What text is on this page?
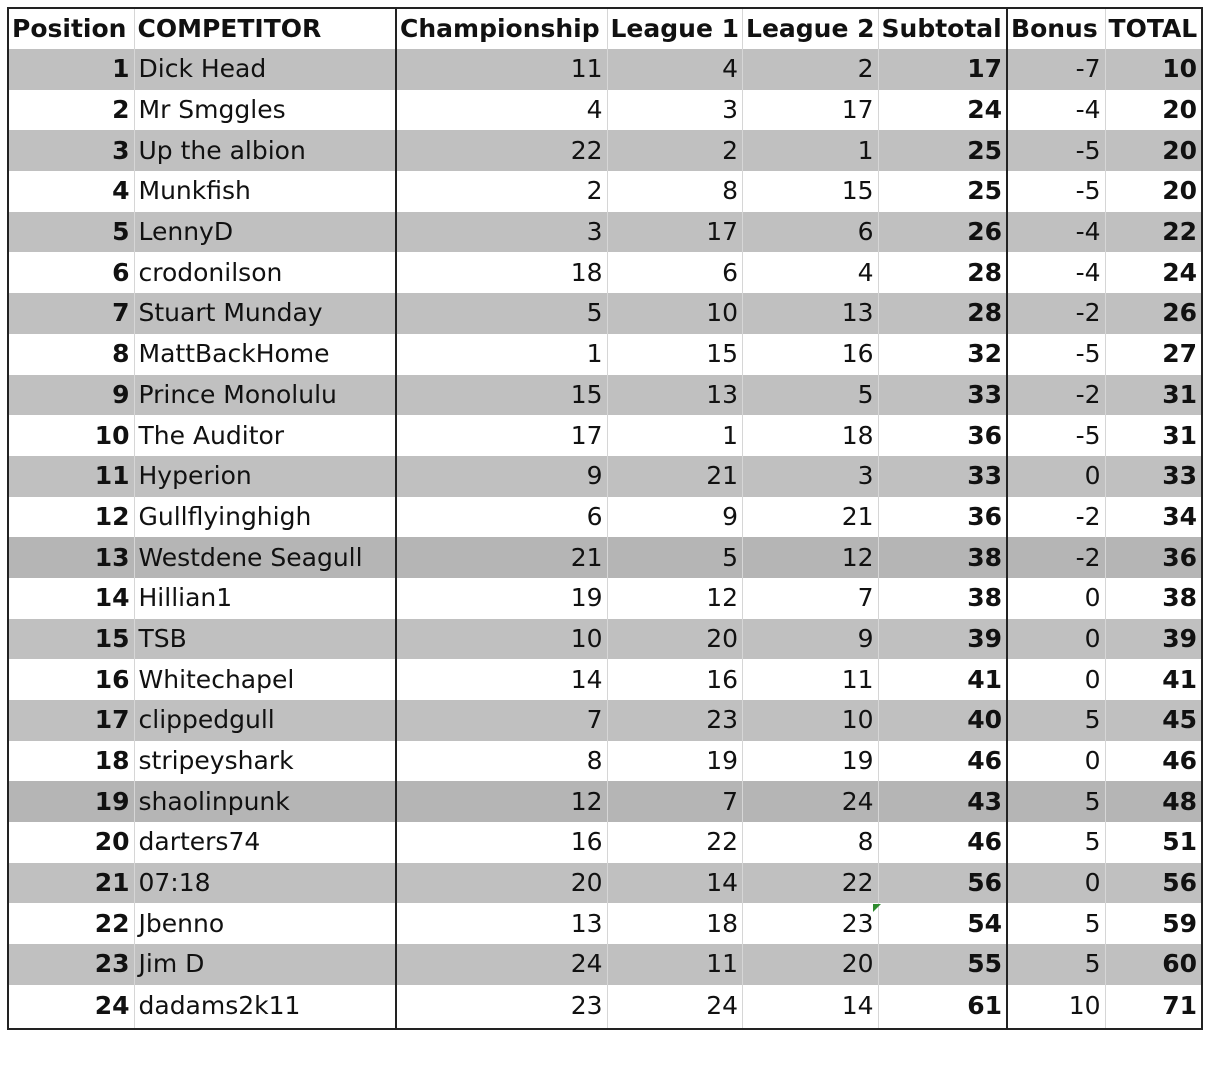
Position	COMPETITOR	Championship	League 1	League 2	Subtotal	Bonus	TOTAL
1	Dick Head	11	4	2	17	-7	10
2	Mr Smggles	4	3	17	24	-4	20
3	Up the albion	22	2	1	25	-5	20
4	Munkfish	2	8	15	25	-5	20
5	LennyD	3	17	6	26	-4	22
6	crodonilson	18	6	4	28	-4	24
7	Stuart Munday	5	10	13	28	-2	26
8	MattBackHome	1	15	16	32	-5	27
9	Prince Monolulu	15	13	5	33	-2	31
10	The Auditor	17	1	18	36	-5	31
11	Hyperion	9	21	3	33	0	33
12	Gullflyinghigh	6	9	21	36	-2	34
13	Westdene Seagull	21	5	12	38	-2	36
14	Hillian1	19	12	7	38	0	38
15	TSB	10	20	9	39	0	39
16	Whitechapel	14	16	11	41	0	41
17	clippedgull	7	23	10	40	5	45
18	stripeyshark	8	19	19	46	0	46
19	shaolinpunk	12	7	24	43	5	48
20	darters74	16	22	8	46	5	51
21	07:18	20	14	22	56	0	56
22	Jbenno	13	18	23	54	5	59
23	Jim D	24	11	20	55	5	60
24	dadams2k11	23	24	14	61	10	71
